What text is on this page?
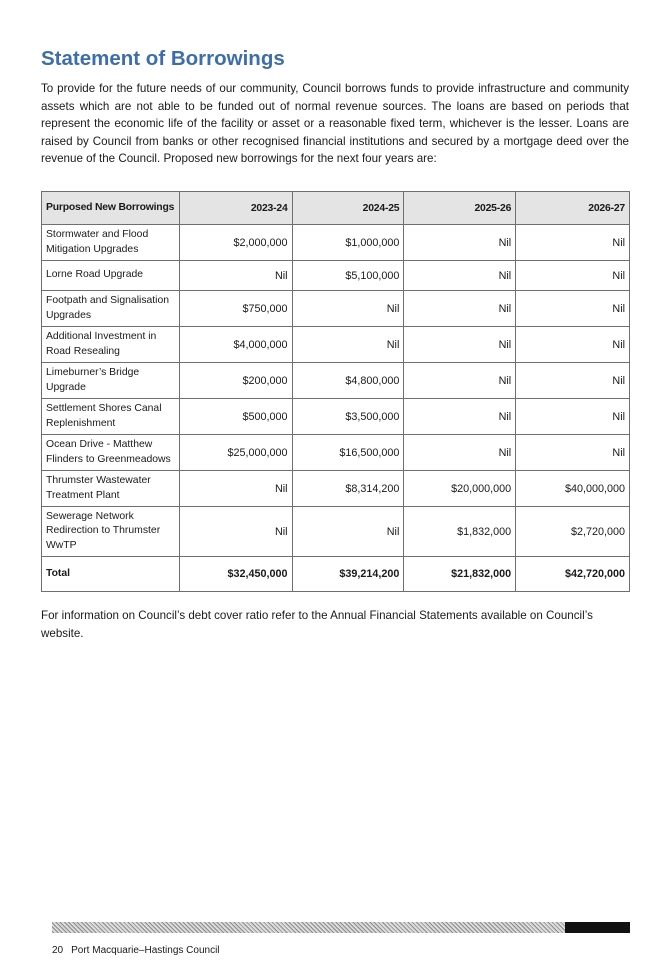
Statement of Borrowings

To provide for the future needs of our community, Council borrows funds to provide infrastructure and community assets which are not able to be funded out of normal revenue sources. The loans are based on periods that represent the economic life of the facility or asset or a reasonable fixed term, whichever is the lesser. Loans are raised by Council from banks or other recognised financial institutions and secured by a mortgage deed over the revenue of the Council. Proposed new borrowings for the next four years are:

Purposed New Borrowings	2023-24	2024-25	2025-26	2026-27
Stormwater and Flood Mitigation Upgrades	$2,000,000	$1,000,000	Nil	Nil
Lorne Road Upgrade	Nil	$5,100,000	Nil	Nil
Footpath and Signalisation Upgrades	$750,000	Nil	Nil	Nil
Additional Investment in Road Resealing	$4,000,000	Nil	Nil	Nil
Limeburner’s Bridge Upgrade	$200,000	$4,800,000	Nil	Nil
Settlement Shores Canal Replenishment	$500,000	$3,500,000	Nil	Nil
Ocean Drive - Matthew Flinders to Greenmeadows	$25,000,000	$16,500,000	Nil	Nil
Thrumster Wastewater Treatment Plant	Nil	$8,314,200	$20,000,000	$40,000,000
Sewerage Network Redirection to Thrumster WwTP	Nil	Nil	$1,832,000	$2,720,000
Total	$32,450,000	$39,214,200	$21,832,000	$42,720,000

For information on Council’s debt cover ratio refer to the Annual Financial Statements available on Council’s website.

20 Port Macquarie–Hastings Council
